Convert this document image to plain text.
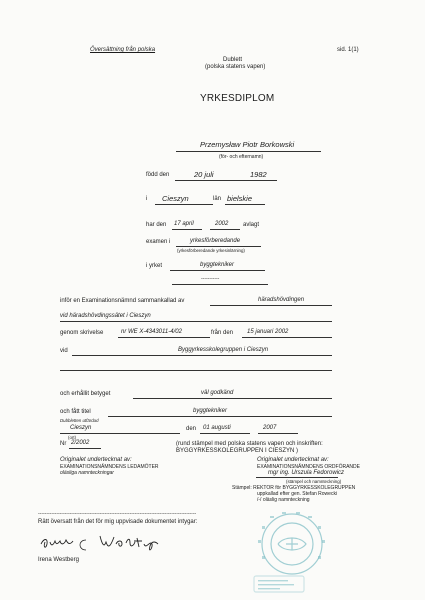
Översättning från polska	sid. 1(1)
Dublett
(polska statens vapen)
YRKESDIPLOM
Przemysław Piotr Borkowski
(för- och efternamn)
född den	20 juli	1982
i Cieszyn	län bielskie
har den 17 april	2002 avlagt
examen i	yrkesförberedande
(yrkesförberedande yrkesinlärning)
i yrket	byggtekniker
-----------
inför en Examinationsnämnd sammankallad av	häradshövdingen
vid häradshövdingssätet i Cieszyn
genom skrivelse	nr WE X-4343011-4/02	från den 15 januari 2002
vid	Byggyrkesskolegruppen i Cieszyn
och erhållit betyget	väl godkänd
och fått titel	byggtekniker
Dubbletten utfärdad
Cieszyn	den 01 augusti	2007
(ort)
Nr 2/2002	(rund stämpel med polska statens vapen och inskriften:
BYGGYRKESSKOLEGRUPPEN I CIESZYN )
Originalet undertecknat av:
EXAMINATIONSNÄMNDENS LEDAMÖTER
oläsliga namnteckningar
Originalet undertecknat av:
EXAMINATIONSNÄMNDENS ORDFÖRANDE
mgr ing. Urszula Fedorowicz
(stämpel och namnteckning)
Stämpel: REKTOR för BYGGYRKESSKOLEGRUPPEN
uppkallad efter gen. Stefan Rowecki
/-/ oläslig namnteckning
-----------------------------------------------------------------------------------------------
Rätt översatt från det för mig uppvisade dokumentet intygar:
Irena Westberg
